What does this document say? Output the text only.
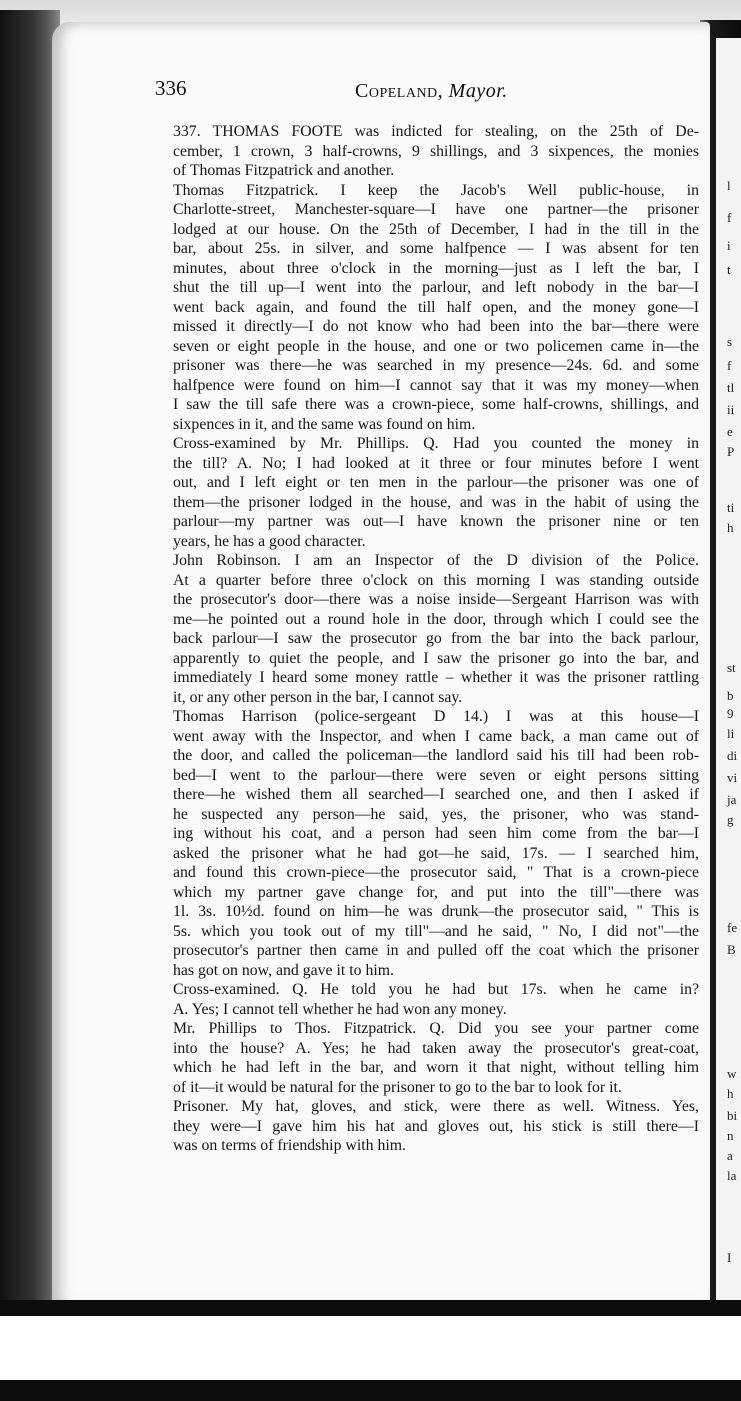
336	Copeland, Mayor.
337. THOMAS FOOTE was indicted for stealing, on the 25th of De-
cember, 1 crown, 3 half-crowns, 9 shillings, and 3 sixpences, the monies
of Thomas Fitzpatrick and another.
Thomas Fitzpatrick. I keep the Jacob's Well public-house, in
Charlotte-street, Manchester-square—I have one partner—the prisoner
lodged at our house. On the 25th of December, I had in the till in the
bar, about 25s. in silver, and some halfpence — I was absent for ten
minutes, about three o'clock in the morning—just as I left the bar, I
shut the till up—I went into the parlour, and left nobody in the bar—I
went back again, and found the till half open, and the money gone—I
missed it directly—I do not know who had been into the bar—there were
seven or eight people in the house, and one or two policemen came in—the
prisoner was there—he was searched in my presence—24s. 6d. and some
halfpence were found on him—I cannot say that it was my money—when
I saw the till safe there was a crown-piece, some half-crowns, shillings, and
sixpences in it, and the same was found on him.
Cross-examined by Mr. Phillips. Q. Had you counted the money in
the till? A. No; I had looked at it three or four minutes before I went
out, and I left eight or ten men in the parlour—the prisoner was one of
them—the prisoner lodged in the house, and was in the habit of using the
parlour—my partner was out—I have known the prisoner nine or ten
years, he has a good character.
John Robinson. I am an Inspector of the D division of the Police.
At a quarter before three o'clock on this morning I was standing outside
the prosecutor's door—there was a noise inside—Sergeant Harrison was with
me—he pointed out a round hole in the door, through which I could see the
back parlour—I saw the prosecutor go from the bar into the back parlour,
apparently to quiet the people, and I saw the prisoner go into the bar, and
immediately I heard some money rattle – whether it was the prisoner rattling
it, or any other person in the bar, I cannot say.
Thomas Harrison (police-sergeant D 14.) I was at this house—I
went away with the Inspector, and when I came back, a man came out of
the door, and called the policeman—the landlord said his till had been rob-
bed—I went to the parlour—there were seven or eight persons sitting
there—he wished them all searched—I searched one, and then I asked if
he suspected any person—he said, yes, the prisoner, who was stand-
ing without his coat, and a person had seen him come from the bar—I
asked the prisoner what he had got—he said, 17s. — I searched him,
and found this crown-piece—the prosecutor said, " That is a crown-piece
which my partner gave change for, and put into the till"—there was
1l. 3s. 10½d. found on him—he was drunk—the prosecutor said, " This is
5s. which you took out of my till"—and he said, " No, I did not"—the
prosecutor's partner then came in and pulled off the coat which the prisoner
has got on now, and gave it to him.
Cross-examined. Q. He told you he had but 17s. when he came in?
A. Yes; I cannot tell whether he had won any money.
Mr. Phillips to Thos. Fitzpatrick. Q. Did you see your partner come
into the house? A. Yes; he had taken away the prosecutor's great-coat,
which he had left in the bar, and worn it that night, without telling him
of it—it would be natural for the prisoner to go to the bar to look for it.
Prisoner. My hat, gloves, and stick, were there as well. Witness. Yes,
they were—I gave him his hat and gloves out, his stick is still there—I
was on terms of friendship with him.
l
f
i
t
s
f
tl
ii
e
P
ti
h
st
b
9
li
di
vi
ja
g
fe
B
w
h
bi
n
a
la
I
